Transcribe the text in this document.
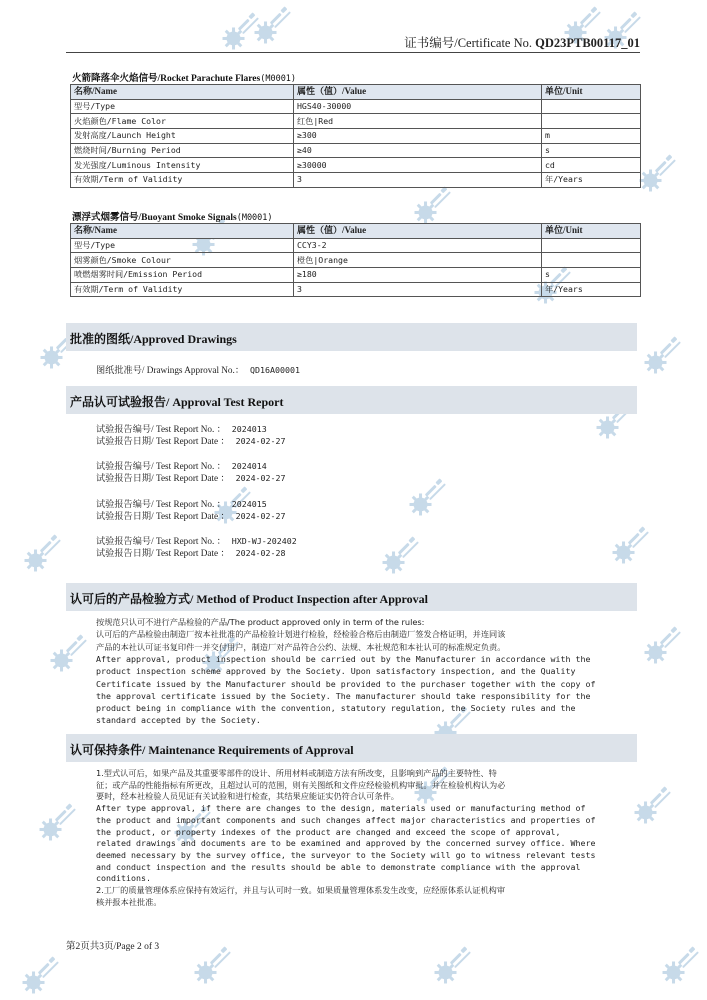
证书编号/Certificate No. QD23PTB00117_01
火箭降落伞火焰信号/Rocket Parachute Flares(M0001)
名称/Name	属性（值）/Value	单位/Unit
型号/Type	HGS40-30000	
火焰颜色/Flame Color	红色|Red	
发射高度/Launch Height	≥300	m
燃烧时间/Burning Period	≥40	s
发光强度/Luminous Intensity	≥30000	cd
有效期/Term of Validity	3	年/Years
漂浮式烟雾信号/Buoyant Smoke Signals(M0001)
名称/Name	属性（值）/Value	单位/Unit
型号/Type	CCY3-2	
烟雾颜色/Smoke Colour	橙色|Orange	
喷燃烟雾时间/Emission Period	≥180	s
有效期/Term of Validity	3	年/Years
批准的图纸/Approved Drawings
图纸批准号/ Drawings Approval No.： QD16A00001
产品认可试验报告/ Approval Test Report
试验报告编号/ Test Report No. ： 2024013
试验报告日期/ Test Report Date ： 2024-02-27
试验报告编号/ Test Report No. ： 2024014
试验报告日期/ Test Report Date ： 2024-02-27
试验报告编号/ Test Report No. ： 2024015
试验报告日期/ Test Report Date ： 2024-02-27
试验报告编号/ Test Report No. ： HXD-WJ-202402
试验报告日期/ Test Report Date ： 2024-02-28
认可后的产品检验方式/ Method of Product Inspection after Approval
按规范只认可不进行产品检验的产品/The product approved only in term of the rules:
认可后的产品检验由制造厂按本社批准的产品检验计划进行检验，经检验合格后由制造厂签发合格证明，并连同该
产品的本社认可证书复印件一并交付用户，制造厂对产品符合公约、法规、本社规范和本社认可的标准规定负责。
After approval, product inspection should be carried out by the Manufacturer in accordance with the
product inspection scheme approved by the Society. Upon satisfactory inspection, and the Quality
Certificate issued by the Manufacturer should be provided to the purchaser together with the copy of
the approval certificate issued by the Society. The manufacturer should take responsibility for the
product being in compliance with the convention, statutory regulation, the Society rules and the
standard accepted by the Society.
认可保持条件/ Maintenance Requirements of Approval
1.型式认可后，如果产品及其重要零部件的设计、所用材料或制造方法有所改变，且影响到产品的主要特性、特
征；或产品的性能指标有所更改，且超过认可的范围，则有关图纸和文件应经检验机构审批。并在检验机构认为必
要时，经本社检验人员见证有关试验和进行检查，其结果应能证实仍符合认可条件。
After type approval, if there are changes to the design, materials used or manufacturing method of
the product and important components and such changes affect major characteristics and properties of
the product, or property indexes of the product are changed and exceed the scope of approval,
related drawings and documents are to be examined and approved by the concerned survey office. Where
deemed necessary by the survey office, the surveyor to the Society will go to witness relevant tests
and conduct inspection and the results should be able to demonstrate compliance with the approval
conditions.
2.工厂的质量管理体系应保持有效运行，并且与认可时一致。如果质量管理体系发生改变，应经原体系认证机构审
核并报本社批准。
第2页共3页/Page 2 of 3
